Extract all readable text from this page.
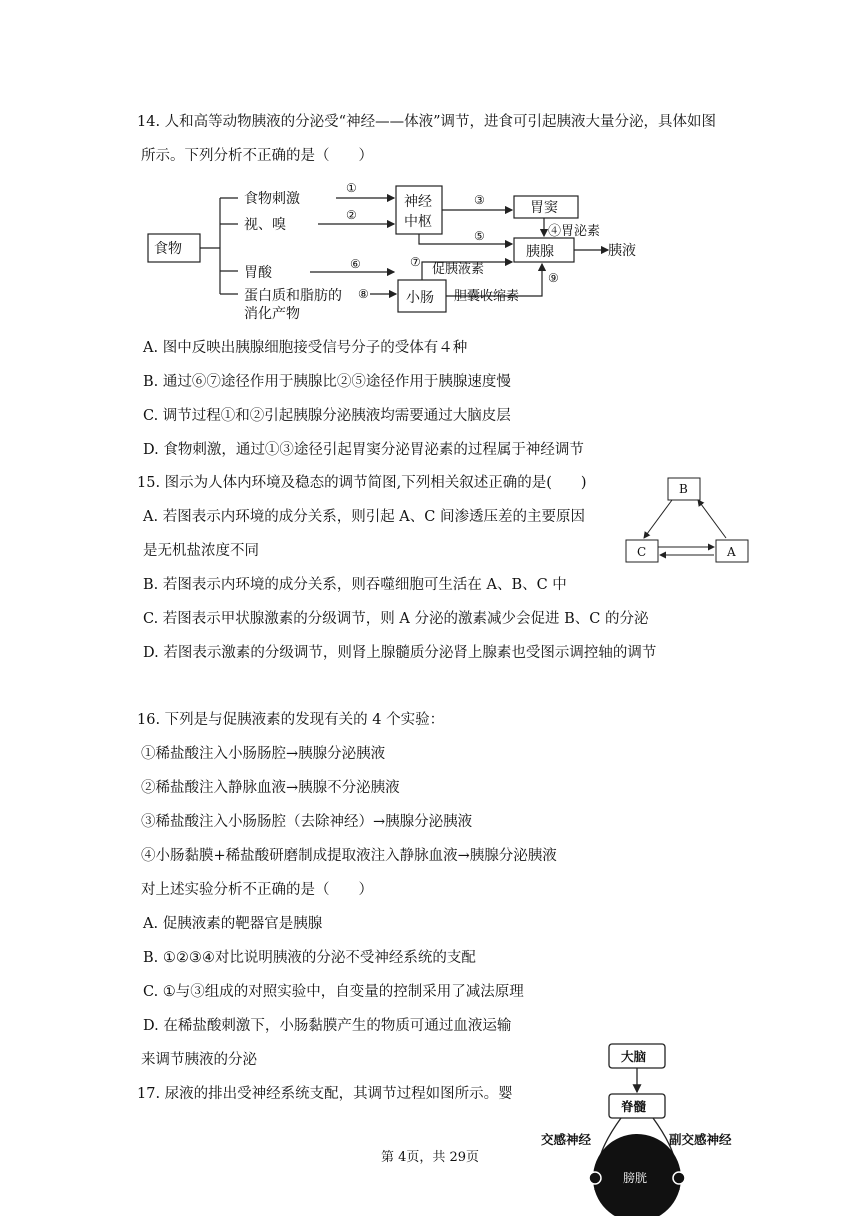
14. 人和高等动物胰液的分泌受“神经——体液”调节，进食可引起胰液大量分泌，具体如图
所示。下列分析不正确的是（　　）
食物
食物刺激
视、嗅
胃酸
蛋白质和脂肪的
消化产物
神经
中枢
胃窦
胰腺	胰液
小肠
④胃泌素
促胰液素
胆囊收缩素
①
②
③
⑤
⑥	⑦
⑧
⑨
A. 图中反映出胰腺细胞接受信号分子的受体有４种
B. 通过⑥⑦途径作用于胰腺比②⑤途径作用于胰腺速度慢
C. 调节过程①和②引起胰腺分泌胰液均需要通过大脑皮层
D. 食物刺激，通过①③途径引起胃窦分泌胃泌素的过程属于神经调节
15. 图示为人体内环境及稳态的调节简图,下列相关叙述正确的是(　　)
A. 若图表示内环境的成分关系，则引起 A、C 间渗透压差的主要原因
是无机盐浓度不同
B. 若图表示内环境的成分关系，则吞噬细胞可生活在 A、B、C 中
C. 若图表示甲状腺激素的分级调节，则 A 分泌的激素减少会促进 B、C 的分泌
D. 若图表示激素的分级调节，则肾上腺髓质分泌肾上腺素也受图示调控轴的调节
B
C	A
16. 下列是与促胰液素的发现有关的 4 个实验：
①稀盐酸注入小肠肠腔→胰腺分泌胰液
②稀盐酸注入静脉血液→胰腺不分泌胰液
③稀盐酸注入小肠肠腔（去除神经）→胰腺分泌胰液
④小肠黏膜+稀盐酸研磨制成提取液注入静脉血液→胰腺分泌胰液
对上述实验分析不正确的是（　　）
A. 促胰液素的靶器官是胰腺
B. ①②③④对比说明胰液的分泌不受神经系统的支配
C. ①与③组成的对照实验中，自变量的控制采用了减法原理
D. 在稀盐酸刺激下，小肠黏膜产生的物质可通过血液运输
来调节胰液的分泌
17. 尿液的排出受神经系统支配，其调节过程如图所示。婴
大脑
脊髓
交感神经	副交感神经
膀胱
第 4页，共 29页
